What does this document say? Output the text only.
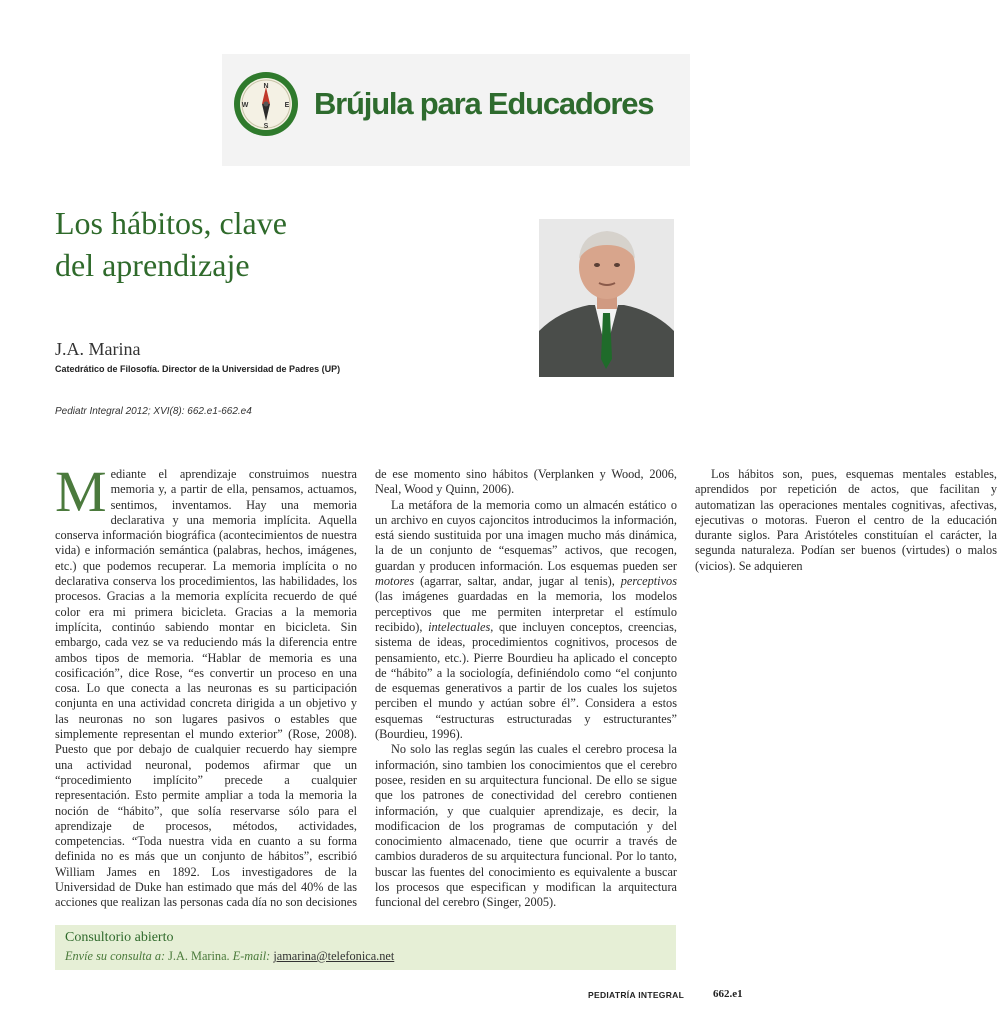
N
E
S
W Brújula para Educadores
Los hábitos, clave
del aprendizaje
J.A. Marina
Catedrático de Filosofía. Director de la Universidad de Padres (UP)
Pediatr Integral 2012; XVI(8): 662.e1-662.e4

Mediante el aprendizaje construimos nuestra memoria y, a partir de ella, pensamos, actuamos, sentimos, inventamos. Hay una memoria declarativa y una memoria implícita. Aquella conserva información biográfica (acontecimientos de nuestra vida) e información semántica (palabras, hechos, imágenes, etc.) que podemos recuperar. La memoria implícita o no declarativa conserva los procedimientos, las habilidades, los procesos. Gracias a la memoria explícita recuerdo de qué color era mi primera bicicleta. Gracias a la memoria implícita, continúo sabiendo montar en bicicleta. Sin embargo, cada vez se va reduciendo más la diferencia entre ambos tipos de memoria. “Hablar de memoria es una cosificación”, dice Rose, “es convertir un proceso en una cosa. Lo que conecta a las neuronas es su participación conjunta en una actividad concreta dirigida a un objetivo y las neuronas no son lugares pasivos o estables que simplemente representan el mundo exterior” (Rose, 2008). Puesto que por debajo de cualquier recuerdo hay siempre una actividad neuronal, podemos afirmar que un “procedimiento implícito” precede a cualquier representación. Esto permite ampliar a toda la memoria la noción de “hábito”, que solía reservarse sólo para el aprendizaje de procesos, métodos, actividades, competencias. “Toda nuestra vida en cuanto a su forma definida no es más que un conjunto de hábitos”, escribió William James en 1892. Los investigadores de la Universidad de Duke han estimado que más del 40% de las acciones que realizan las personas cada día no son decisiones de ese momento sino hábitos (Verplanken y Wood, 2006, Neal, Wood y Quinn, 2006).

La metáfora de la memoria como un almacén estático o un archivo en cuyos cajoncitos introducimos la información, está siendo sustituida por una imagen mucho más dinámica, la de un conjunto de “esquemas” activos, que recogen, guardan y producen información. Los esquemas pueden ser motores (agarrar, saltar, andar, jugar al tenis), perceptivos (las imágenes guardadas en la memoria, los modelos perceptivos que me permiten interpretar el estímulo recibido), intelectuales, que incluyen conceptos, creencias, sistema de ideas, procedimientos cognitivos, procesos de pensamiento, etc.). Pierre Bourdieu ha aplicado el concepto de “hábito” a la sociología, definiéndolo como “el conjunto de esquemas generativos a partir de los cuales los sujetos perciben el mundo y actúan sobre él”. Considera a estos esquemas “estructuras estructuradas y estructurantes” (Bourdieu, 1996).

No solo las reglas según las cuales el cerebro procesa la información, sino tambien los conocimientos que el cerebro posee, residen en su arquitectura funcional. De ello se sigue que los patrones de conectividad del cerebro contienen información, y que cualquier aprendizaje, es decir, la modificacion de los programas de computación y del conocimiento almacenado, tiene que ocurrir a través de cambios duraderos de su arquitectura funcional. Por lo tanto, buscar las fuentes del conocimiento es equivalente a buscar los procesos que especifican y modifican la arquitectura funcional del cerebro (Singer, 2005).

Los hábitos son, pues, esquemas mentales estables, aprendidos por repetición de actos, que facilitan y automatizan las operaciones mentales cognitivas, afectivas, ejecutivas o motoras. Fueron el centro de la educación durante siglos. Para Aristóteles constituían el carácter, la segunda naturaleza. Podían ser buenos (virtudes) o malos (vicios). Se adquieren

Consultorio abierto
Envíe su consulta a: J.A. Marina. E-mail: jamarina@telefonica.net
PEDIATRÍA INTEGRAL	662.e1
